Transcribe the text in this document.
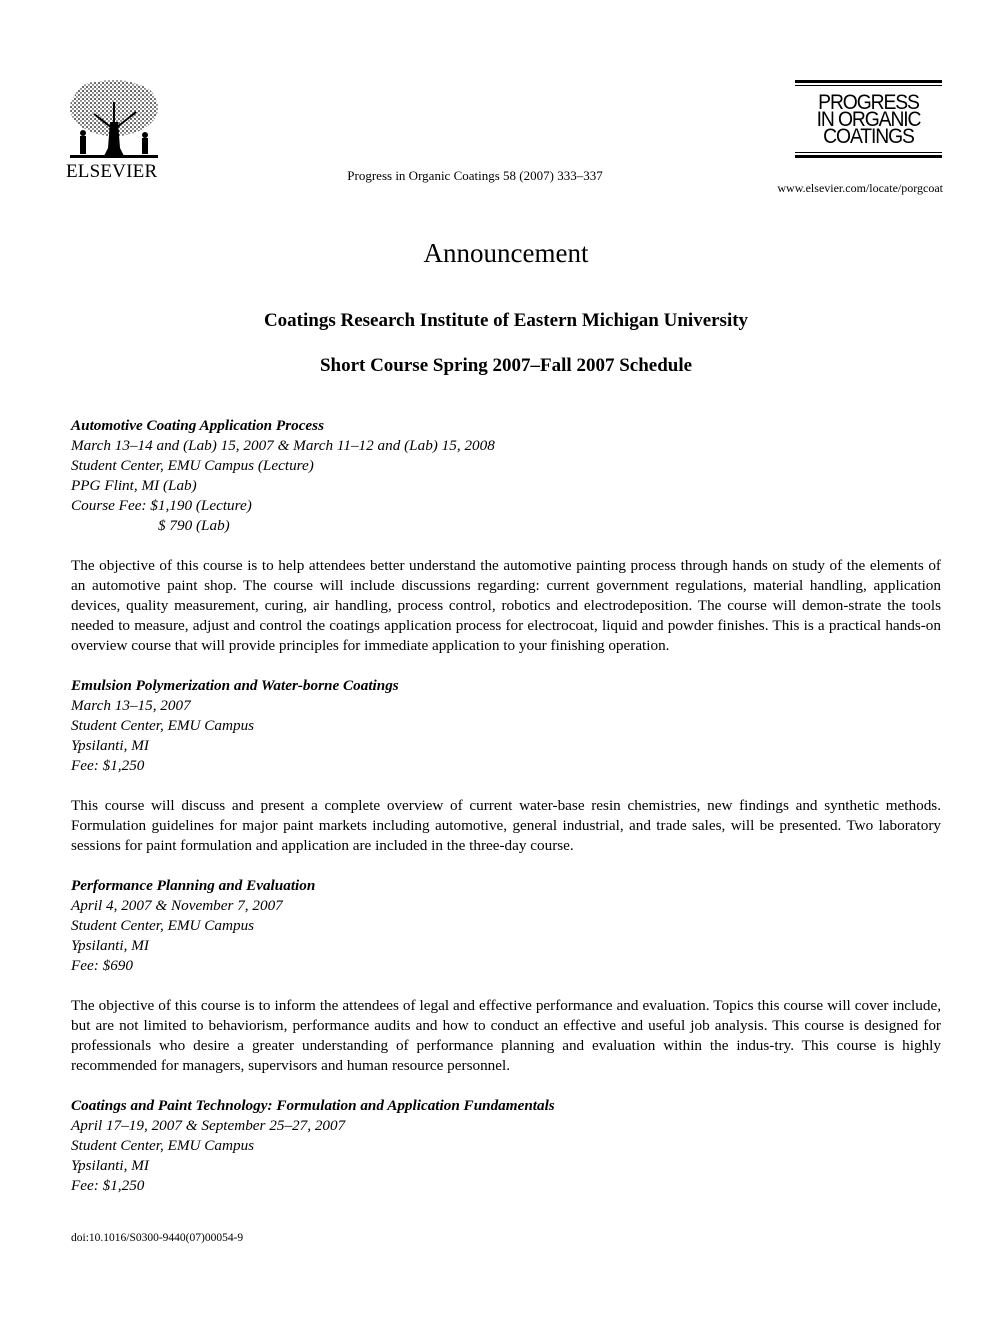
ELSEVIER	Progress in Organic Coatings 58 (2007) 333–337
PROGRESS
IN ORGANIC
COATINGS
www.elsevier.com/locate/porgcoat
Announcement
Coatings Research Institute of Eastern Michigan University
Short Course Spring 2007–Fall 2007 Schedule
Automotive Coating Application Process
March 13–14 and (Lab) 15, 2007 & March 11–12 and (Lab) 15, 2008
Student Center, EMU Campus (Lecture)
PPG Flint, MI (Lab)
Course Fee: $1,190 (Lecture)
$ 790 (Lab)

The objective of this course is to help attendees better understand the automotive painting process through hands on study of the elements of an automotive paint shop. The course will include discussions regarding: current government regulations, material handling, application devices, quality measurement, curing, air handling, process control, robotics and electrodeposition. The course will demon-strate the tools needed to measure, adjust and control the coatings application process for electrocoat, liquid and powder finishes. This is a practical hands-on overview course that will provide principles for immediate application to your finishing operation.

Emulsion Polymerization and Water-borne Coatings
March 13–15, 2007
Student Center, EMU Campus
Ypsilanti, MI
Fee: $1,250

This course will discuss and present a complete overview of current water-base resin chemistries, new findings and synthetic methods. Formulation guidelines for major paint markets including automotive, general industrial, and trade sales, will be presented. Two laboratory sessions for paint formulation and application are included in the three-day course.

Performance Planning and Evaluation
April 4, 2007 & November 7, 2007
Student Center, EMU Campus
Ypsilanti, MI
Fee: $690

The objective of this course is to inform the attendees of legal and effective performance and evaluation. Topics this course will cover include, but are not limited to behaviorism, performance audits and how to conduct an effective and useful job analysis. This course is designed for professionals who desire a greater understanding of performance planning and evaluation within the indus-try. This course is highly recommended for managers, supervisors and human resource personnel.

Coatings and Paint Technology: Formulation and Application Fundamentals
April 17–19, 2007 & September 25–27, 2007
Student Center, EMU Campus
Ypsilanti, MI
Fee: $1,250
doi:10.1016/S0300-9440(07)00054-9
